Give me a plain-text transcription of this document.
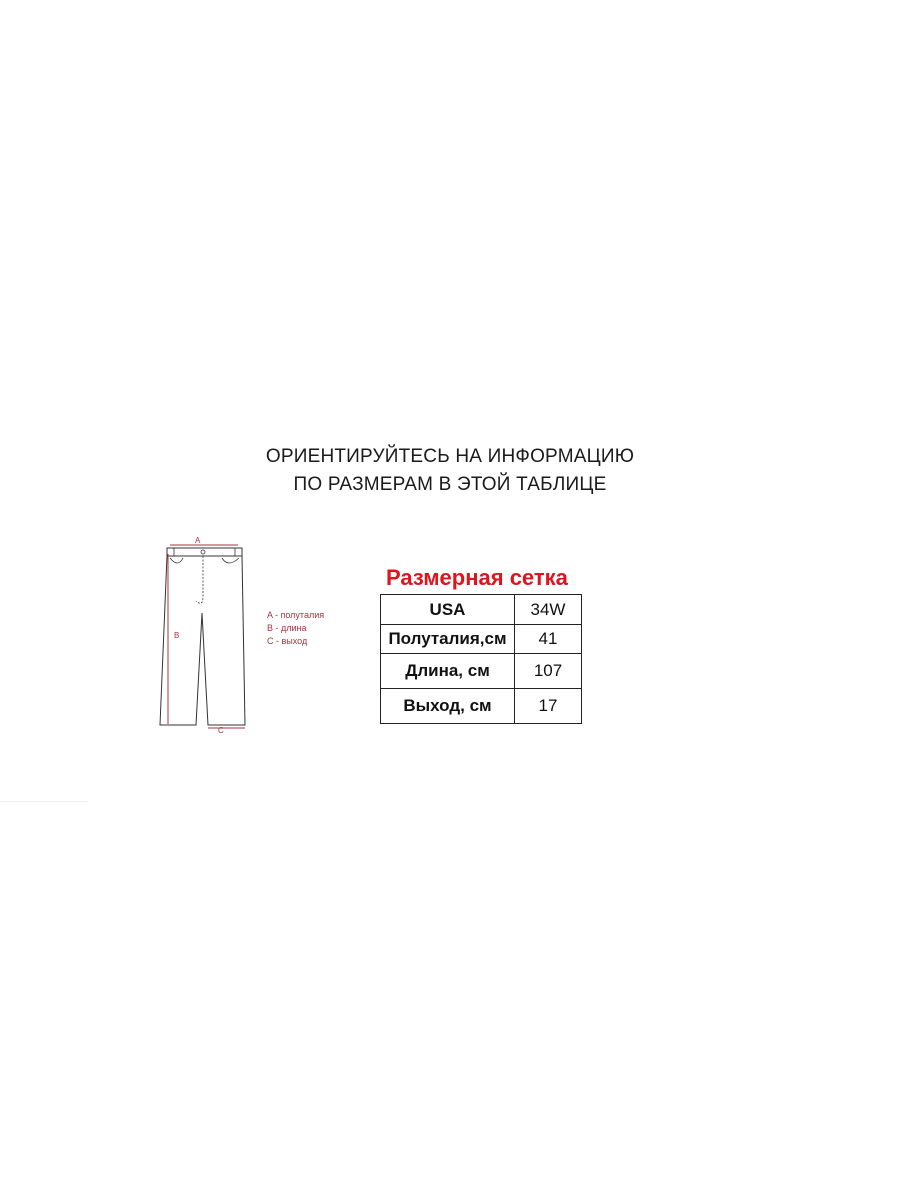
ОРИЕНТИРУЙТЕСЬ НА ИНФОРМАЦИЮ
ПО РАЗМЕРАМ В ЭТОЙ ТАБЛИЦЕ
A
B
C
A - полуталия
B - длина
C - выход
Размерная сетка
USA	34W
Полуталия,см	41
Длина, см	107
Выход, см	17
